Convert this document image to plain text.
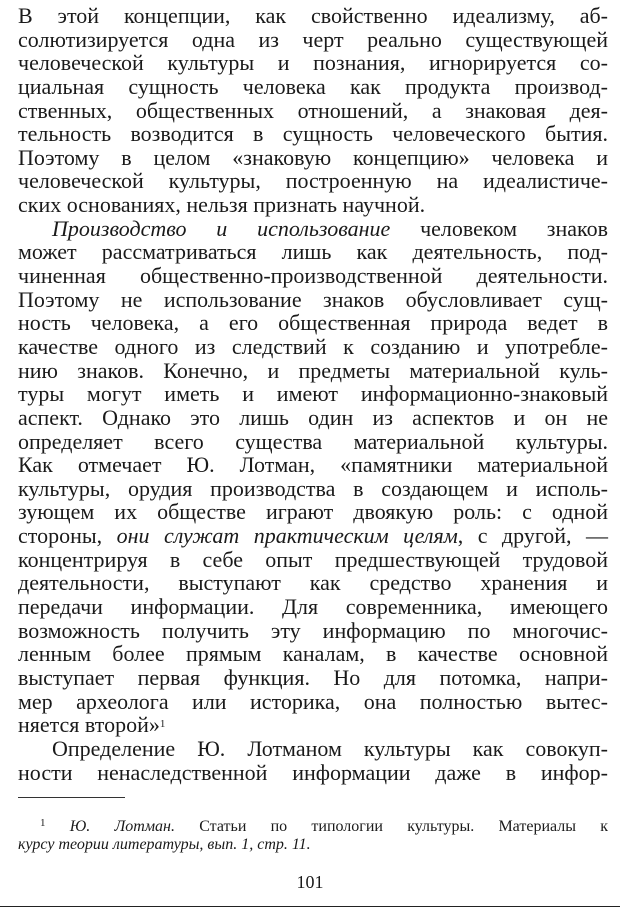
В этой концепции, как свойственно идеализму, аб-
солютизируется одна из черт реально существующей
человеческой культуры и познания, игнорируется со-
циальная сущность человека как продукта производ-
ственных, общественных отношений, а знаковая дея-
тельность возводится в сущность человеческого бытия.
Поэтому в целом «знаковую концепцию» человека и
человеческой культуры, построенную на идеалистиче-
ских основаниях, нельзя признать научной.
Производство и использование человеком знаков
может рассматриваться лишь как деятельность, под-
чиненная общественно-производственной деятельности.
Поэтому не использование знаков обусловливает сущ-
ность человека, а его общественная природа ведет в
качестве одного из следствий к созданию и употребле-
нию знаков. Конечно, и предметы материальной куль-
туры могут иметь и имеют информационно-знаковый
аспект. Однако это лишь один из аспектов и он не
определяет всего существа материальной культуры.
Как отмечает Ю. Лотман, «памятники материальной
культуры, орудия производства в создающем и исполь-
зующем их обществе играют двоякую роль: с одной
стороны, они служат практическим целям, с другой, —
концентрируя в себе опыт предшествующей трудовой
деятельности, выступают как средство хранения и
передачи информации. Для современника, имеющего
возможность получить эту информацию по многочис-
ленным более прямым каналам, в качестве основной
выступает первая функция. Но для потомка, напри-
мер археолога или историка, она полностью вытес-
няется второй»$^1$
Определение Ю. Лотманом культуры как совокуп-
ности ненаследственной информации даже в инфор-
$^1$ Ю. Лотман. Статьи по типологии культуры. Материалы к
курсу теории литературы, вып. 1, стр. 11.
101
